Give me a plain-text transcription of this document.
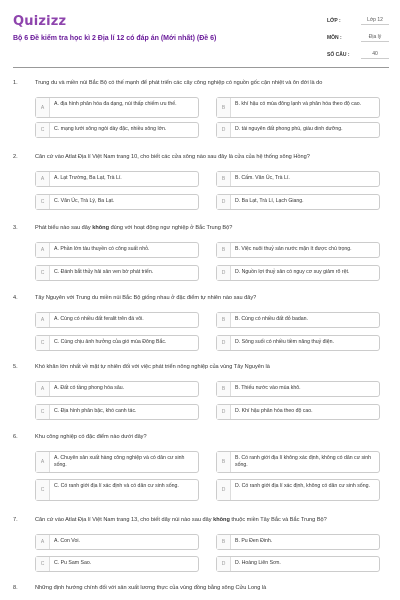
Quizizz
Bộ 6 Đề kiểm tra học kì 2 Địa lí 12 có đáp án (Mới nhất) (Đề 6)
LỚP :	Lớp 12
MÔN :	Địa lý
SỐ CÂU :	40
1.	Trung du và miền núi Bắc Bộ có thế mạnh để phát triển các cây công nghiệp có nguồn gốc cận nhiệt và ôn đới là do
A
A. địa hình phân hóa đa dạng, núi thấp chiếm ưu thế.
B
B. khí hậu có mùa đông lạnh và phân hóa theo độ cao.
C	C. mạng lưới sông ngòi dày đặc, nhiều sông lớn.	D	D. tài nguyên đất phong phú, giàu dinh dưỡng.
2.	Căn cứ vào Atlat Địa lí Việt Nam trang 10, cho biết các cửa sông nào sau đây là cửa của hệ thống sông Hồng?
A	A. Lạt Trường, Ba Lạt, Trà Lí.	B	B. Cấm. Văn Úc, Trà Lí.
C	C. Văn Úc, Trà Lý, Ba Lạt.	D	D. Ba Lạt, Trà Lí, Lạch Giang.
3.	Phát biểu nào sau đây không đúng với hoạt động ngư nghiệp ở Bắc Trung Bộ?
A	A. Phần lớn tàu thuyền có công suất nhỏ.	B	B. Việc nuôi thuỷ sản nước mặn ít được chú trọng.
C	C. Đánh bắt thủy hải sản ven bờ phát triển.	D	D. Nguồn lợi thuỷ sản có nguy cơ suy giảm rõ rệt.
4.	Tây Nguyên với Trung du miền núi Bắc Bộ giống nhau ở đặc điểm tự nhiên nào sau đây?
A	A. Cùng có nhiều đất feralit trên đá vôi.	B	B. Cùng có nhiều đất đỏ badan.
C	C. Cùng chịu ảnh hưởng của gió mùa Đông Bắc.	D	D. Sông suối có nhiều tiềm năng thuỷ điện.
5.	Khó khăn lớn nhất về mặt tự nhiên đối với việc phát triển nông nghiệp của vùng Tây Nguyên là
A	A. Đất có tầng phong hóa sâu.	B	B. Thiếu nước vào mùa khô.
C	C. Địa hình phân bậc, khó canh tác.	D	D. Khí hậu phân hóa theo độ cao.
6.	Khu công nghiệp có đặc điểm nào dưới đây?
A
A. Chuyên sản xuất hàng công nghiệp và có dân cư sinh sống.	B
B. Có ranh giới địa lí không xác định, không có dân cư sinh sống.
C
C. Có ranh giới địa lí xác định và có dân cư sinh sống.
D
D. Có ranh giới địa lí xác định, không có dân cư sinh sống.
7.	Căn cứ vào Atlat Địa lí Việt Nam trang 13, cho biết dãy núi nào sau đây không thuộc miền Tây Bắc và Bắc Trung Bộ?
A	A. Con Voi.	B	B. Pu Đen Đinh.
C	C. Pu Sam Sao.	D	D. Hoàng Liên Sơn.
8.	Những định hướng chính đối với sản xuất lương thực của vùng đồng bằng sông Cửu Long là
